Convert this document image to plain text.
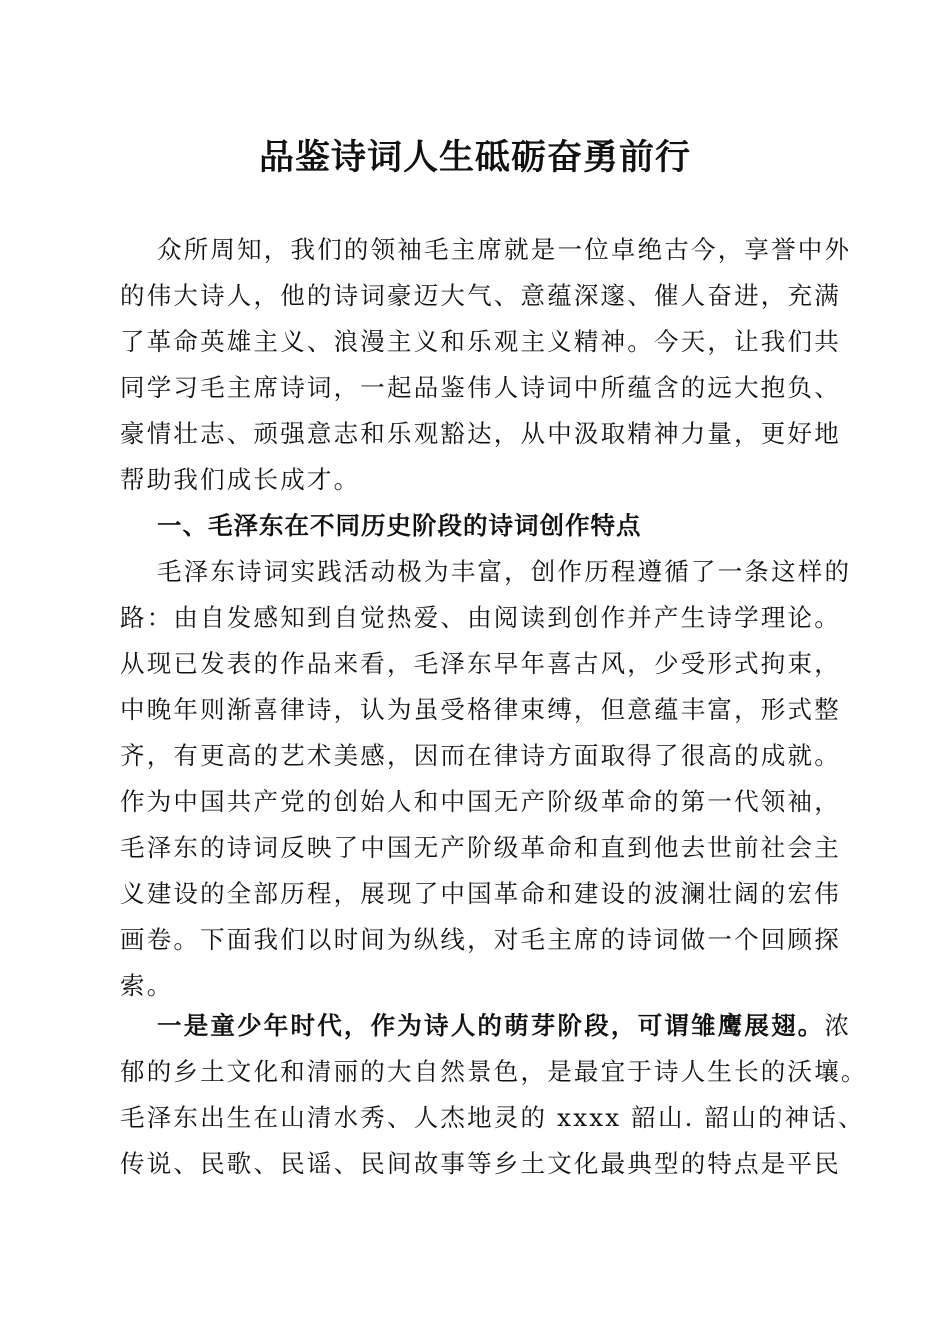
品鉴诗词人生砥砺奋勇前行
众所周知，我们的领袖毛主席就是一位卓绝古今，享誉中外
的伟大诗人，他的诗词豪迈大气、意蕴深邃、催人奋进，充满
了革命英雄主义、浪漫主义和乐观主义精神。今天，让我们共
同学习毛主席诗词，一起品鉴伟人诗词中所蕴含的远大抱负、
豪情壮志、顽强意志和乐观豁达，从中汲取精神力量，更好地
帮助我们成长成才。
一、毛泽东在不同历史阶段的诗词创作特点
毛泽东诗词实践活动极为丰富，创作历程遵循了一条这样的
路：由自发感知到自觉热爱、由阅读到创作并产生诗学理论。
从现已发表的作品来看，毛泽东早年喜古风，少受形式拘束，
中晚年则渐喜律诗，认为虽受格律束缚，但意蕴丰富，形式整
齐，有更高的艺术美感，因而在律诗方面取得了很高的成就。
作为中国共产党的创始人和中国无产阶级革命的第一代领袖，
毛泽东的诗词反映了中国无产阶级革命和直到他去世前社会主
义建设的全部历程，展现了中国革命和建设的波澜壮阔的宏伟
画卷。下面我们以时间为纵线，对毛主席的诗词做一个回顾探
索。
一是童少年时代，作为诗人的萌芽阶段，可谓雏鹰展翅。浓
郁的乡土文化和清丽的大自然景色，是最宜于诗人生长的沃壤。
毛泽东出生在山清水秀、人杰地灵的 xxxx 韶山. 韶山的神话、
传说、民歌、民谣、民间故事等乡土文化最典型的特点是平民
